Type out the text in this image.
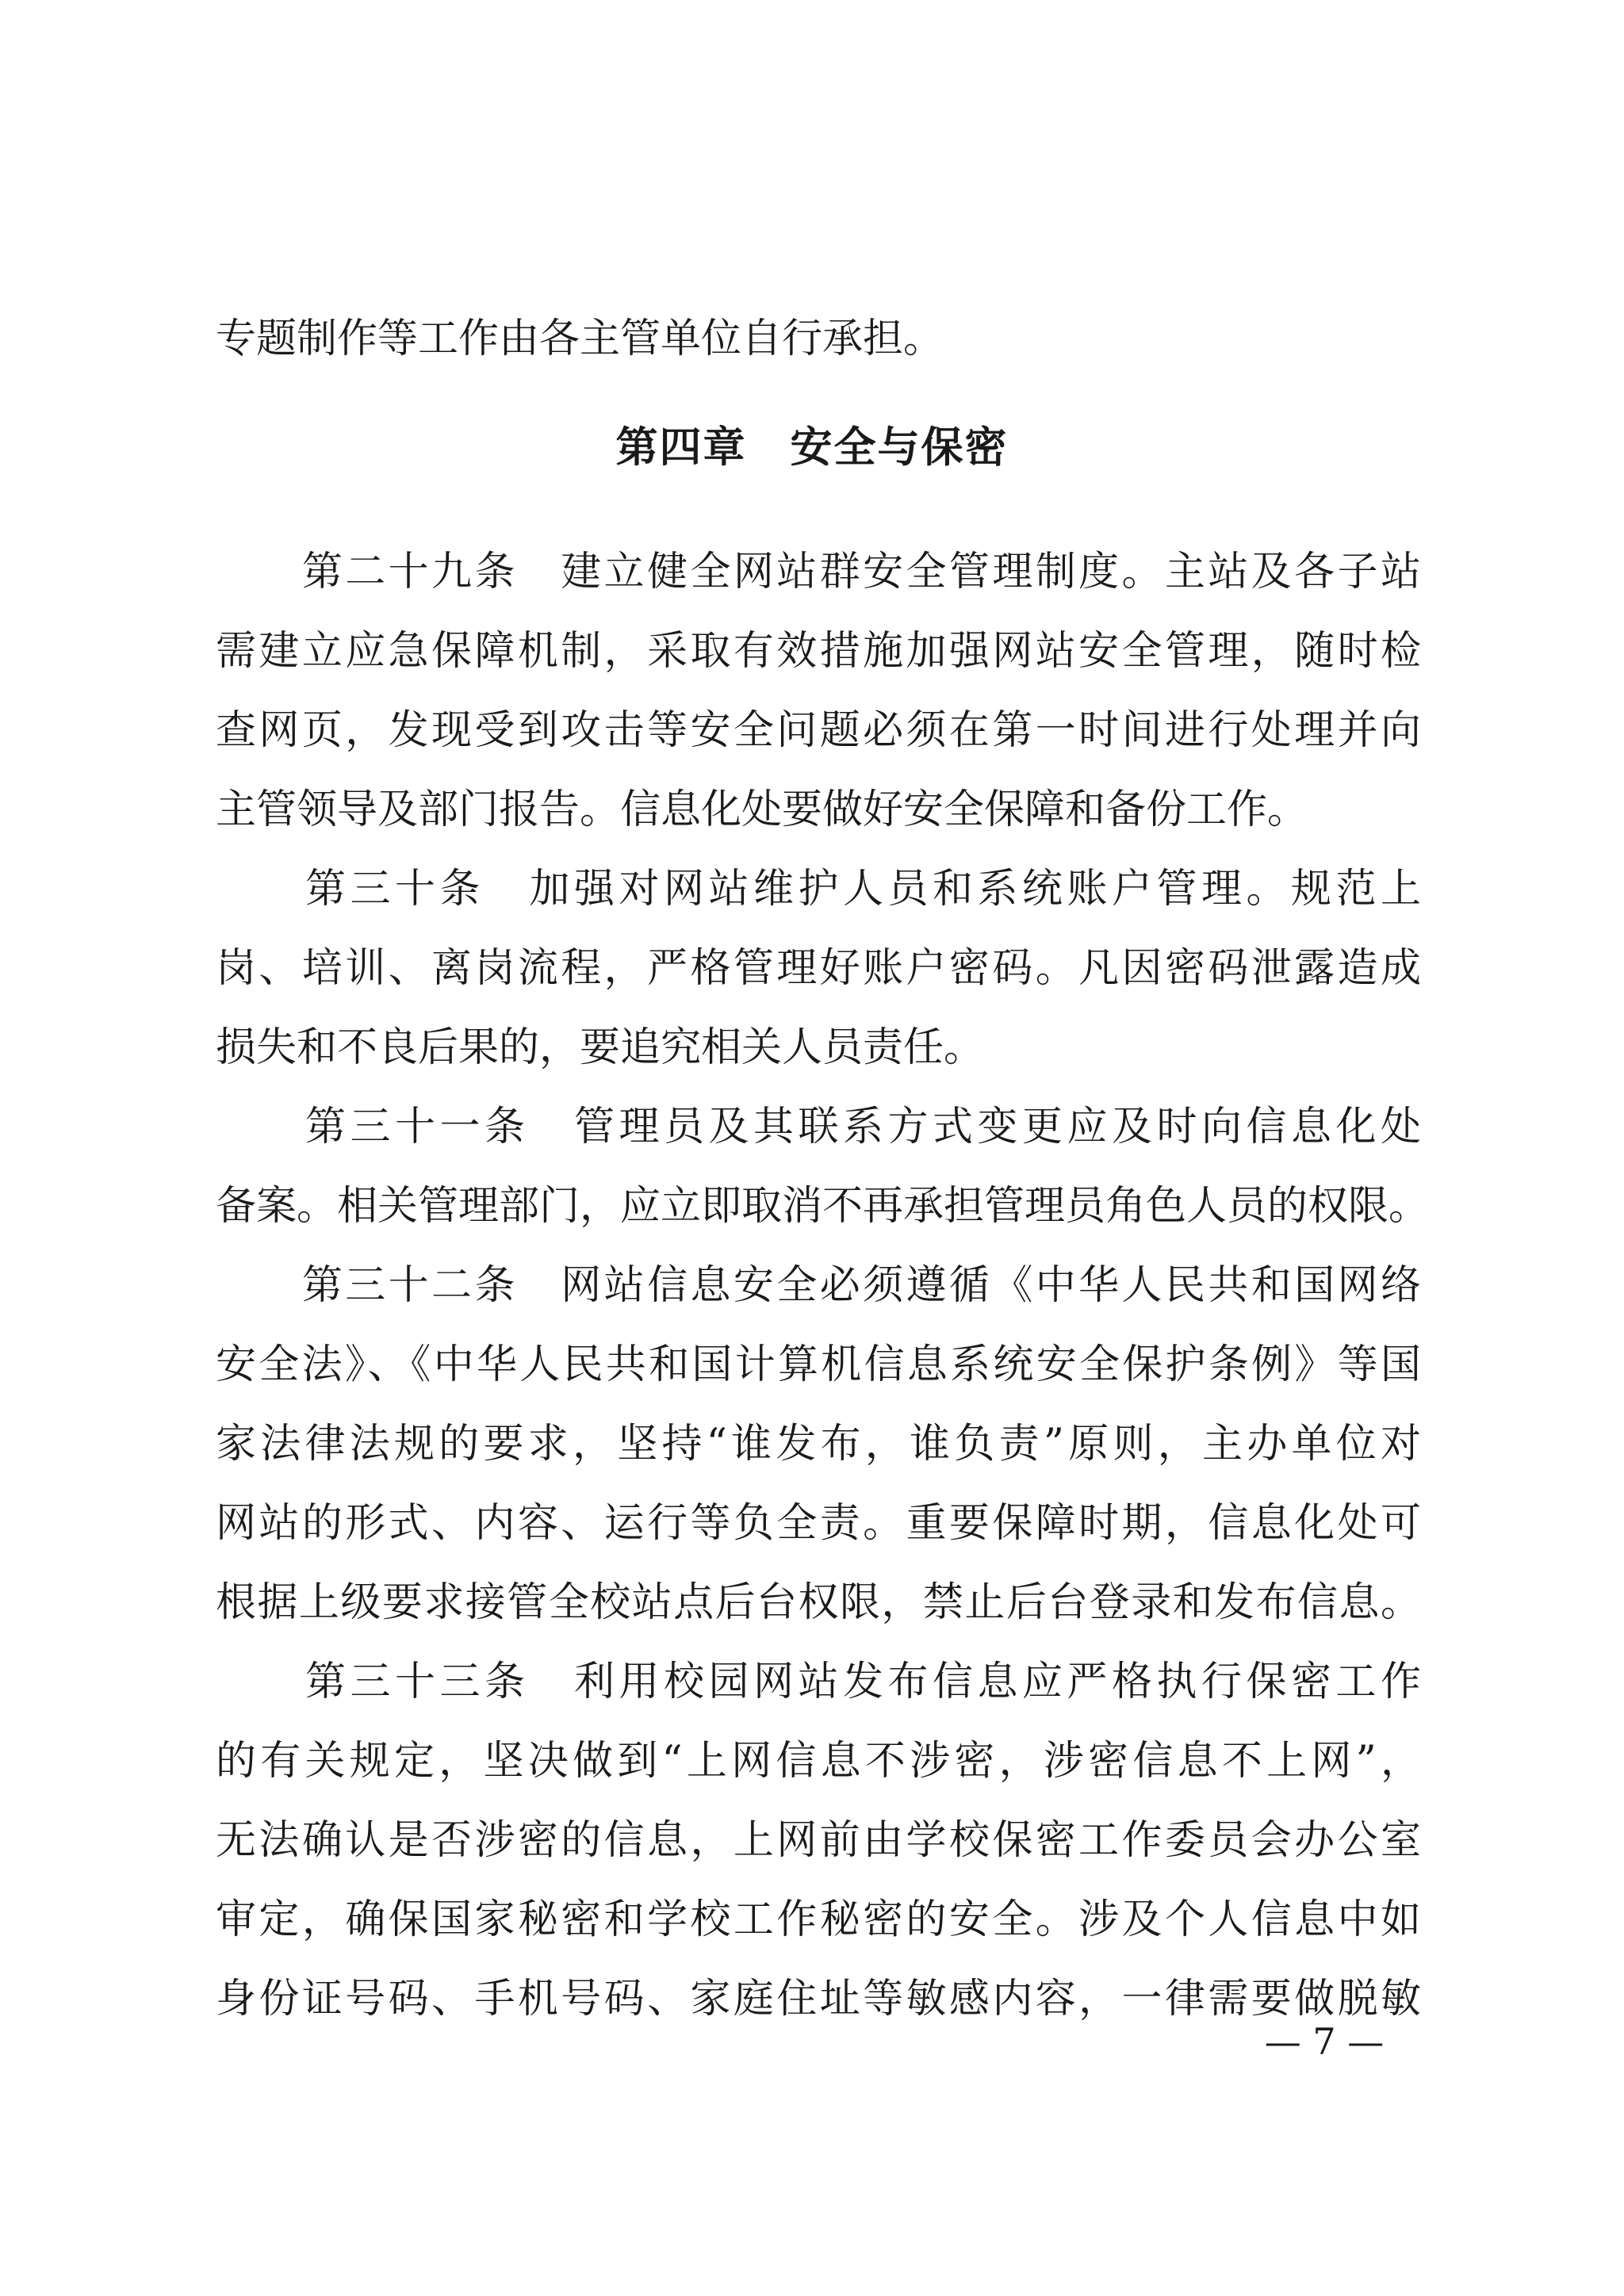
专题制作等工作由各主管单位自行承担。

第四章　安全与保密

　　第二十九条　建立健全网站群安全管理制度。主站及各子站

需建立应急保障机制，采取有效措施加强网站安全管理，随时检

查网页，发现受到攻击等安全问题必须在第一时间进行处理并向

主管领导及部门报告。信息化处要做好安全保障和备份工作。

　　第三十条　加强对网站维护人员和系统账户管理。规范上

岗、培训、离岗流程，严格管理好账户密码。凡因密码泄露造成

损失和不良后果的，要追究相关人员责任。

　　第三十一条　管理员及其联系方式变更应及时向信息化处

备案。相关管理部门，应立即取消不再承担管理员角色人员的权限。

　　第三十二条　网站信息安全必须遵循《中华人民共和国网络

安全法》、《中华人民共和国计算机信息系统安全保护条例》等国

家法律法规的要求，坚持“谁发布，谁负责”原则，主办单位对

网站的形式、内容、运行等负全责。重要保障时期，信息化处可

根据上级要求接管全校站点后台权限，禁止后台登录和发布信息。

　　第三十三条　利用校园网站发布信息应严格执行保密工作

的有关规定，坚决做到“上网信息不涉密，涉密信息不上网”，

无法确认是否涉密的信息，上网前由学校保密工作委员会办公室

审定，确保国家秘密和学校工作秘密的安全。涉及个人信息中如

身份证号码、手机号码、家庭住址等敏感内容，一律需要做脱敏

— 7 —
